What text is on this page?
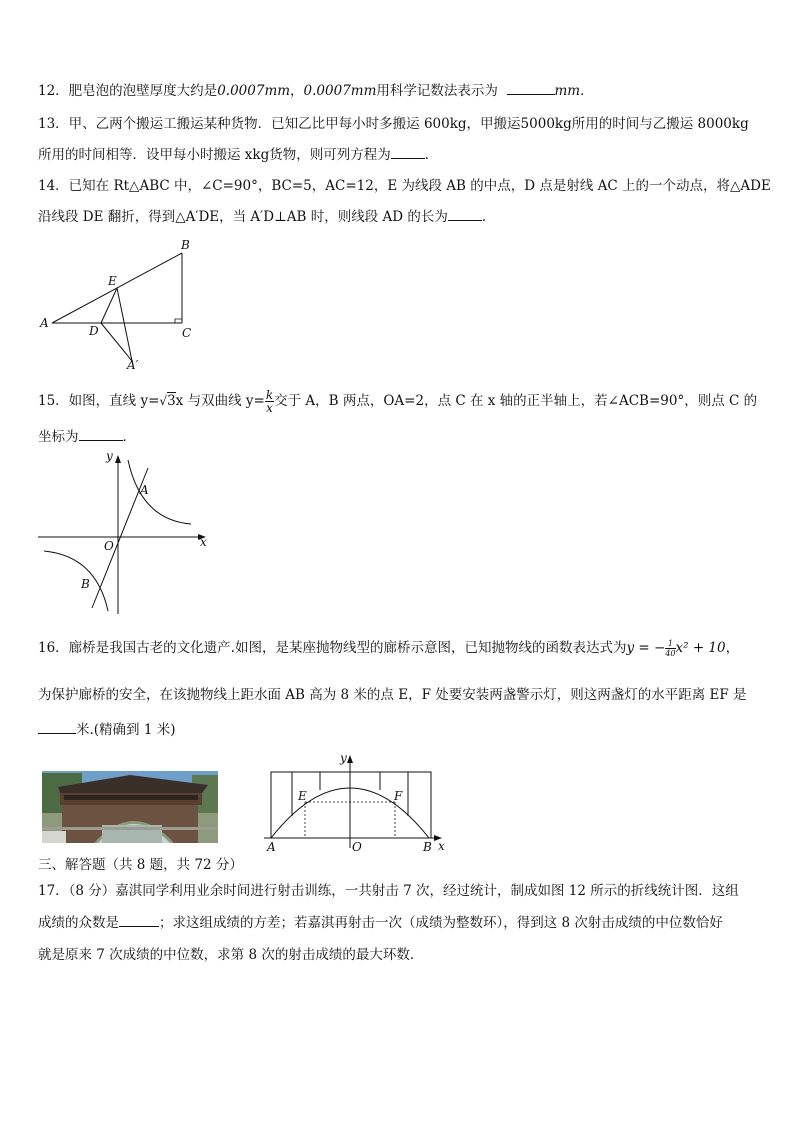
12．肥皂泡的泡壁厚度大约是0.0007mm，0.0007mm用科学记数法表示为	mm．
13．甲、乙两个搬运工搬运某种货物．已知乙比甲每小时多搬运 600kg，甲搬运5000kg所用的时间与乙搬运 8000kg
所用的时间相等．设甲每小时搬运 xkg货物，则可列方程为	．
14．已知在 Rt△ABC 中，∠C=90°，BC=5，AC=12，E 为线段 AB 的中点，D 点是射线 AC 上的一个动点，将△ADE
沿线段 DE 翻折，得到△A′DE，当 A′D⊥AB 时，则线段 AD 的长为	．
A
B
C
D
E
A′
15．如图，直线 y=√3x 与双曲线 $y= \frac{k}{x}$ 交于 A，B 两点，OA=2，点 C 在 x 轴的正半轴上，若∠ACB=90°，则点 C 的
坐标为	．
A
B
O	x
y
16．廊桥是我国古老的文化遗产.如图，是某座抛物线型的廊桥示意图，已知抛物线的函数表达式为y = − $\frac{1}{40}x^2 + 10$，
为保护廊桥的安全，在该抛物线上距水面 AB 高为 8 米的点 E，F 处要安装两盏警示灯，则这两盏灯的水平距离 EF 是
米.(精确到 1 米)
E	F
A	B
O	x
y
三、解答题（共 8 题，共 72 分）
17．（8 分）嘉淇同学利用业余时间进行射击训练，一共射击 7 次，经过统计，制成如图 12 所示的折线统计图．这组
成绩的众数是	；求这组成绩的方差；若嘉淇再射击一次（成绩为整数环），得到这 8 次射击成绩的中位数恰好
就是原来 7 次成绩的中位数，求第 8 次的射击成绩的最大环数．
